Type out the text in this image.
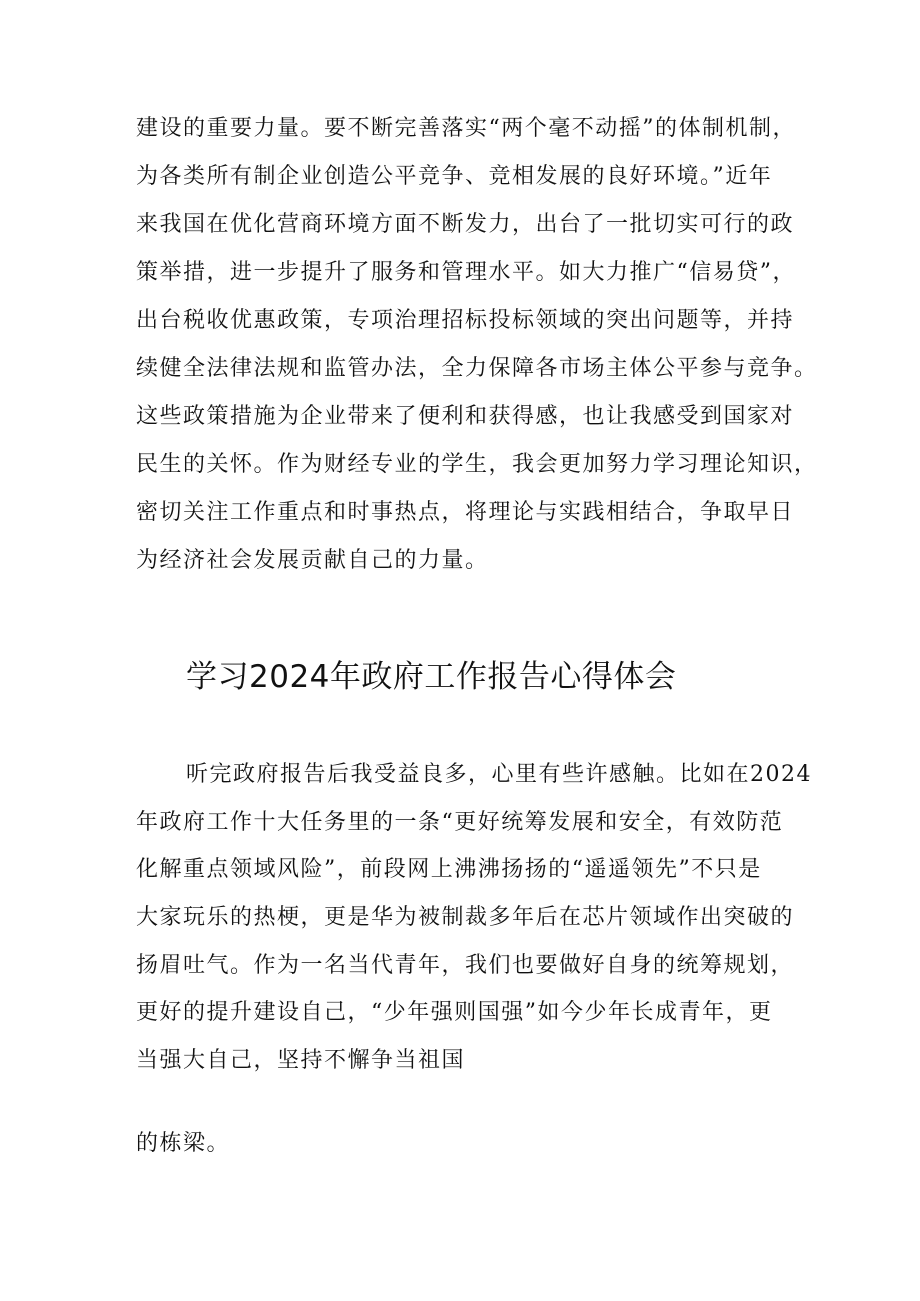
建设的重要力量。要不断完善落实“两个毫不动摇”的体制机制，
为各类所有制企业创造公平竞争、竞相发展的良好环境。”近年
来我国在优化营商环境方面不断发力，出台了一批切实可行的政
策举措，进一步提升了服务和管理水平。如大力推广“信易贷”，
出台税收优惠政策，专项治理招标投标领域的突出问题等，并持
续健全法律法规和监管办法，全力保障各市场主体公平参与竞争。
这些政策措施为企业带来了便利和获得感，也让我感受到国家对
民生的关怀。作为财经专业的学生，我会更加努力学习理论知识，
密切关注工作重点和时事热点，将理论与实践相结合，争取早日
为经济社会发展贡献自己的力量。
学习2024年政府工作报告心得体会
听完政府报告后我受益良多，心里有些许感触。比如在2024
年政府工作十大任务里的一条“更好统筹发展和安全，有效防范
化解重点领域风险”，前段网上沸沸扬扬的“遥遥领先”不只是
大家玩乐的热梗，更是华为被制裁多年后在芯片领域作出突破的
扬眉吐气。作为一名当代青年，我们也要做好自身的统筹规划，
更好的提升建设自己，“少年强则国强”如今少年长成青年，更
当强大自己，坚持不懈争当祖国
的栋梁。
